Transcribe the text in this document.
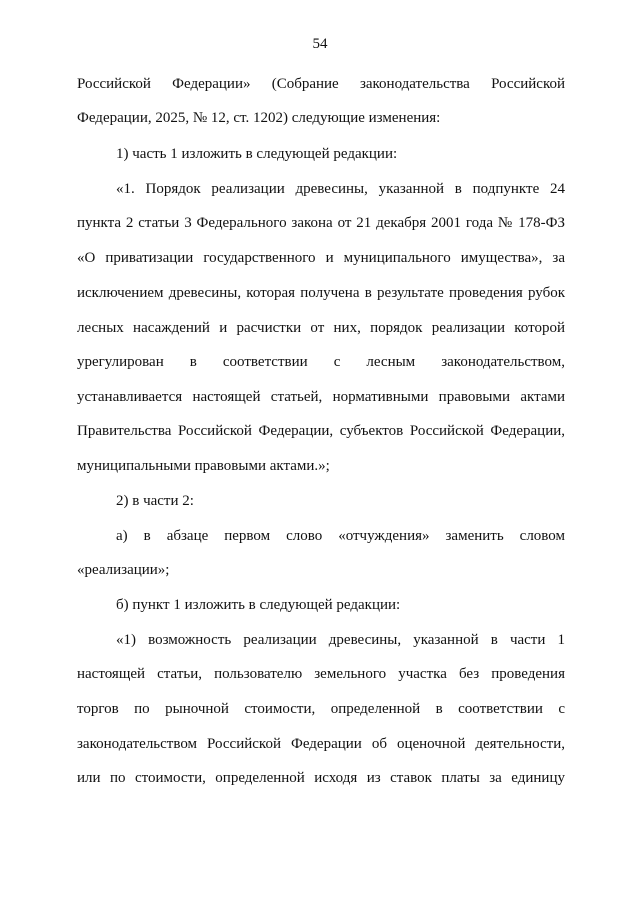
54
Российской Федерации» (Собрание законодательства Российской
Федерации, 2025, № 12, ст. 1202) следующие изменения:
1) часть 1 изложить в следующей редакции:
«1. Порядок реализации древесины, указанной в подпункте 24
пункта 2 статьи 3 Федерального закона от 21 декабря 2001 года № 178-ФЗ
«О приватизации государственного и муниципального имущества», за
исключением древесины, которая получена в результате проведения рубок
лесных насаждений и расчистки от них, порядок реализации которой
урегулирован в соответствии с лесным законодательством,
устанавливается настоящей статьей, нормативными правовыми актами
Правительства Российской Федерации, субъектов Российской Федерации,
муниципальными правовыми актами.»;
2) в части 2:
а) в абзаце первом слово «отчуждения» заменить словом
«реализации»;
б) пункт 1 изложить в следующей редакции:
«1) возможность реализации древесины, указанной в части 1
настоящей статьи, пользователю земельного участка без проведения
торгов по рыночной стоимости, определенной в соответствии с
законодательством Российской Федерации об оценочной деятельности,
или по стоимости, определенной исходя из ставок платы за единицу
